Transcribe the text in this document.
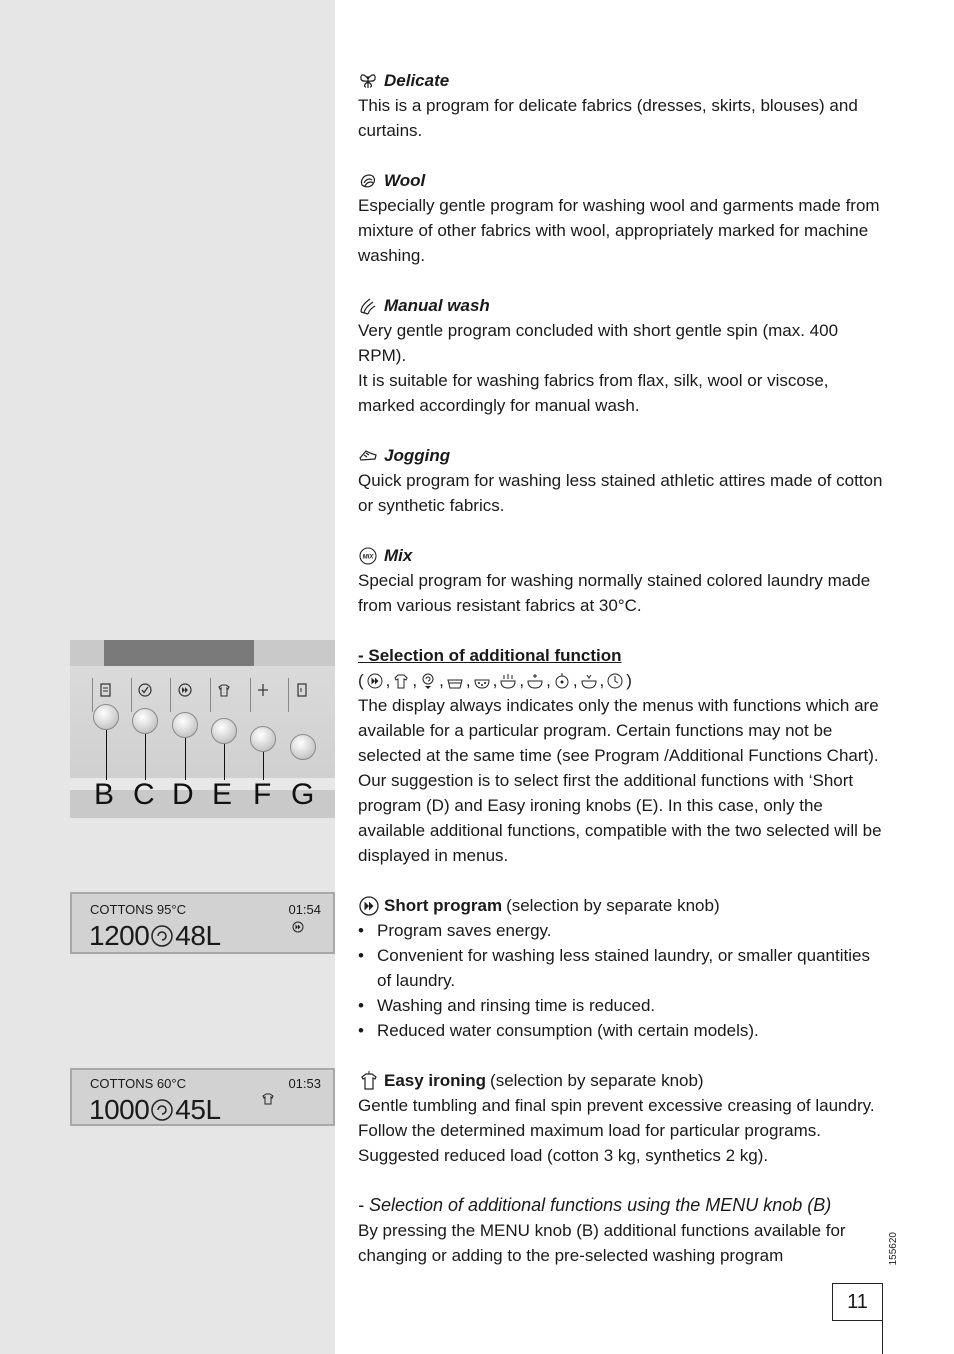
B C D E F G
COTTONS 95°C	01:54
1200 48L
COTTONS 60°C	01:53
1000 45L
Delicate
This is a program for delicate fabrics (dresses, skirts, blouses) and curtains.
Wool
Especially gentle program for washing wool and garments made from mixture of other fabrics with wool, appropriately marked for machine washing.
Manual wash
Very gentle program concluded with short gentle spin (max. 400 RPM).
It is suitable for washing fabrics from flax, silk, wool or viscose, marked accordingly for manual wash.
Jogging
Quick program for washing less stained athletic attires made of cotton or synthetic fabrics.
MIX Mix
Special program for washing normally stained colored laundry made from various resistant fabrics at 30°C.
- Selection of additional function
( ,
,
,
,
,
,
,
,
, )
The display always indicates only the menus with functions which are available for a particular program. Certain functions may not be selected at the same time (see Program /Additional Functions Chart). Our suggestion is to select first the additional functions with ‘Short program (D) and Easy ironing knobs (E). In this case, only the available additional functions, compatible with the two selected will be displayed in menus.
Short program (selection by separate knob)
• Program saves energy.
• Convenient for washing less stained laundry, or smaller quantities of laundry.
• Washing and rinsing time is reduced.
• Reduced water consumption (with certain models).
Easy ironing (selection by separate knob)
Gentle tumbling and final spin prevent excessive creasing of laundry. Follow the determined maximum load for particular programs. Suggested reduced load (cotton 3 kg, synthetics 2 kg).
- Selection of additional functions using the MENU knob (B)
By pressing the MENU knob (B) additional functions available for changing or adding to the pre-selected washing program	155620
11
